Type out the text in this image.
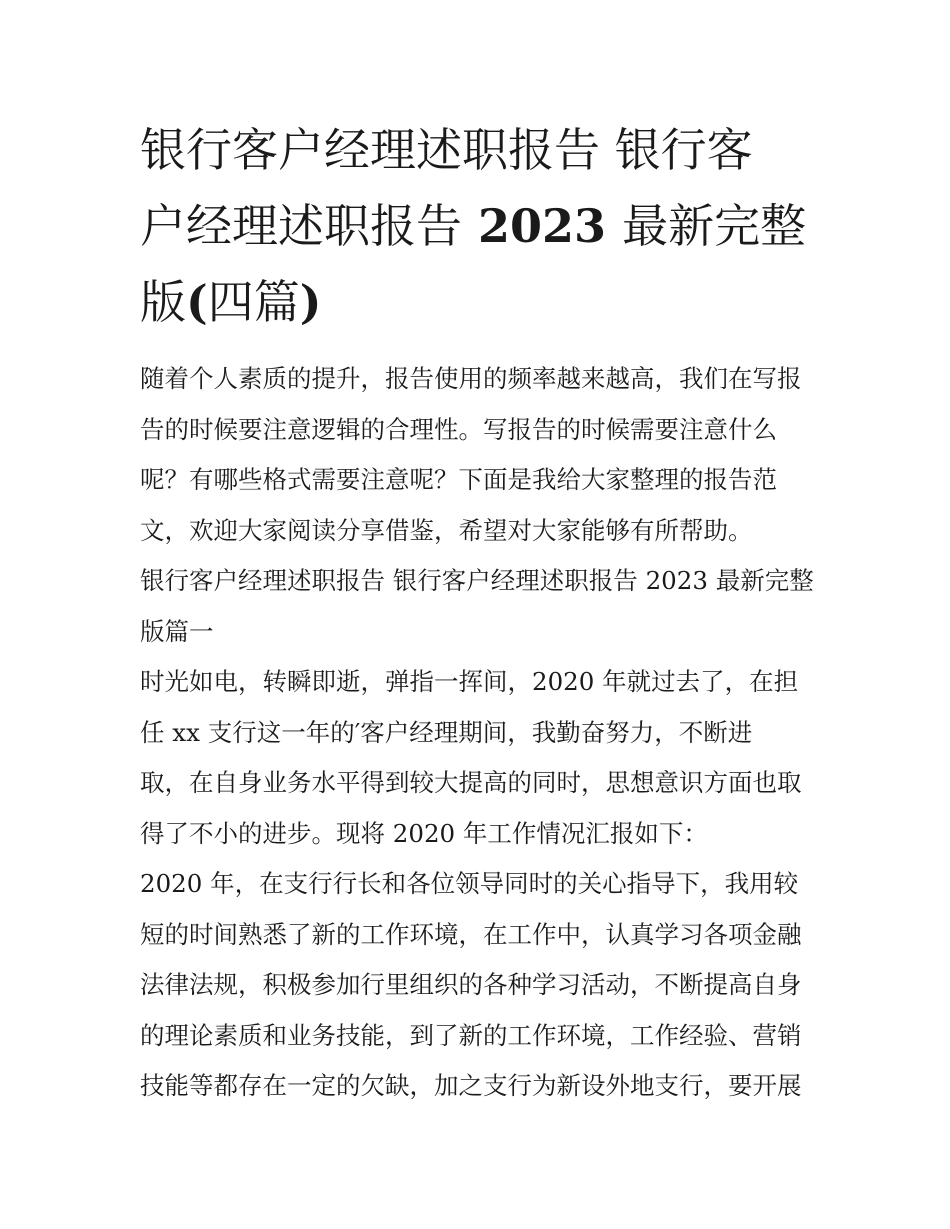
银行客户经理述职报告 银行客
户经理述职报告 2023 最新完整
版(四篇)

随着个人素质的提升，报告使用的频率越来越高，我们在写报
告的时候要注意逻辑的合理性。写报告的时候需要注意什么
呢？有哪些格式需要注意呢？下面是我给大家整理的报告范
文，欢迎大家阅读分享借鉴，希望对大家能够有所帮助。

银行客户经理述职报告 银行客户经理述职报告 2023 最新完整
版篇一

时光如电，转瞬即逝，弹指一挥间，2020 年就过去了，在担
任 xx 支行这一年的′客户经理期间，我勤奋努力，不断进
取，在自身业务水平得到较大提高的同时，思想意识方面也取
得了不小的进步。现将 2020 年工作情况汇报如下：

2020 年，在支行行长和各位领导同时的关心指导下，我用较
短的时间熟悉了新的工作环境，在工作中，认真学习各项金融
法律法规，积极参加行里组织的各种学习活动，不断提高自身
的理论素质和业务技能，到了新的工作环境，工作经验、营销
技能等都存在一定的欠缺，加之支行为新设外地支行，要开展
